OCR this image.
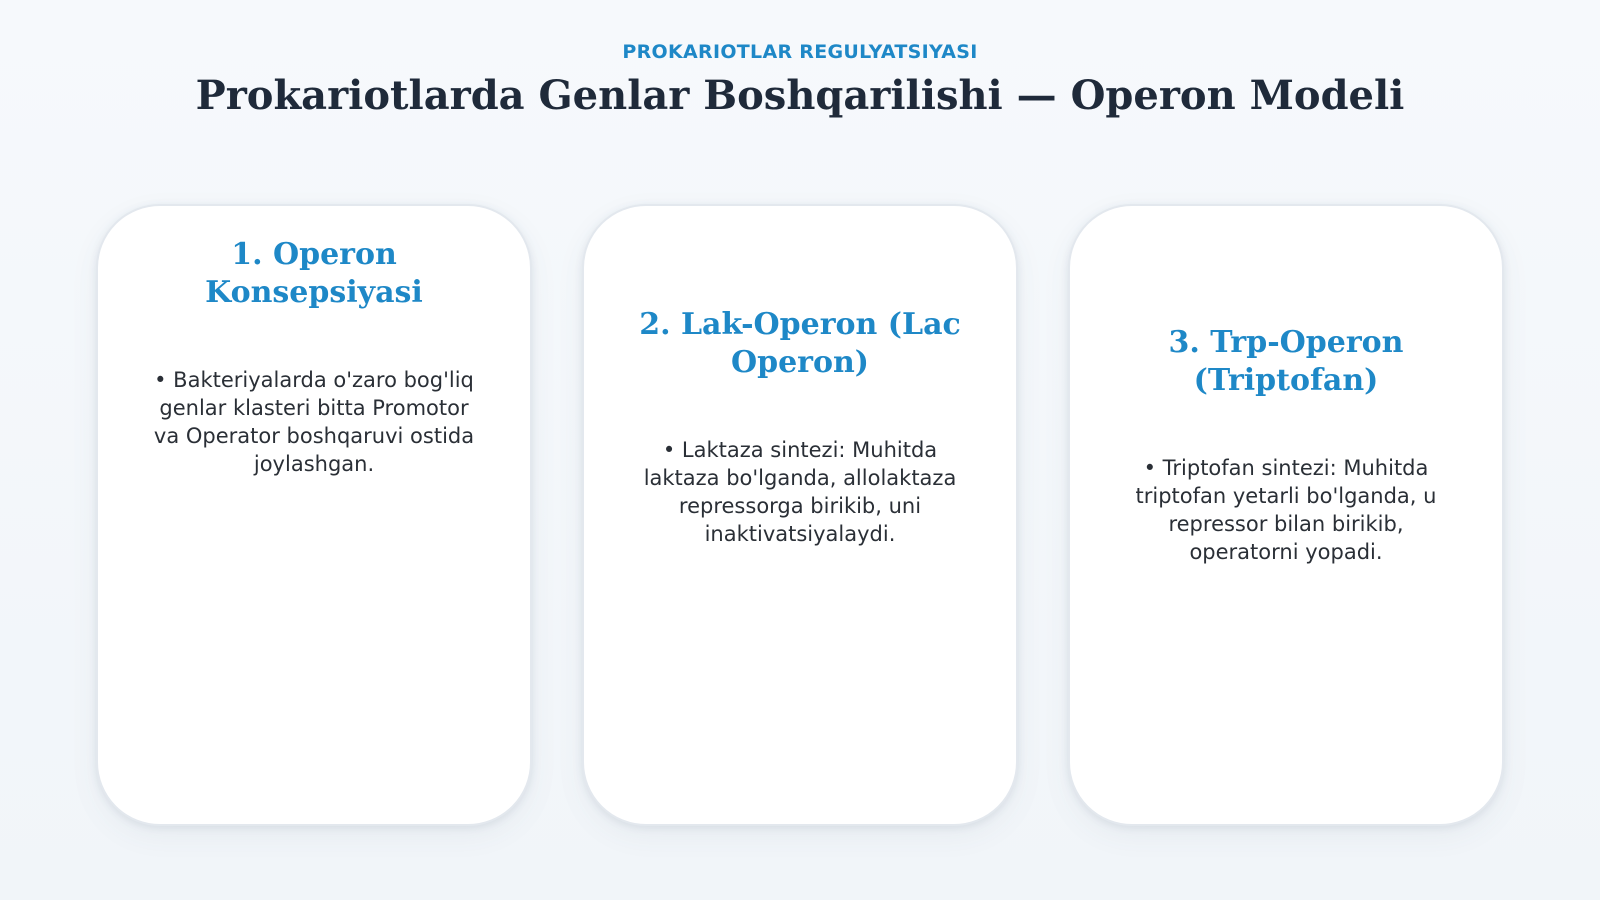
PROKARIOTLAR REGULYATSIYASI
Prokariotlarda Genlar Boshqarilishi — Operon Modeli
1. Operon Konsepsiyasi
• Bakteriyalarda o'zaro bog'liq genlar klasteri bitta Promotor va Operator boshqaruvi ostida joylashgan.
2. Lak-Operon (Lac Operon)
• Laktaza sintezi: Muhitda laktaza bo'lganda, allolaktaza repressorga birikib, uni inaktivatsiyalaydi.
3. Trp-Operon (Triptofan)
• Triptofan sintezi: Muhitda triptofan yetarli bo'lganda, u repressor bilan birikib, operatorni yopadi.
